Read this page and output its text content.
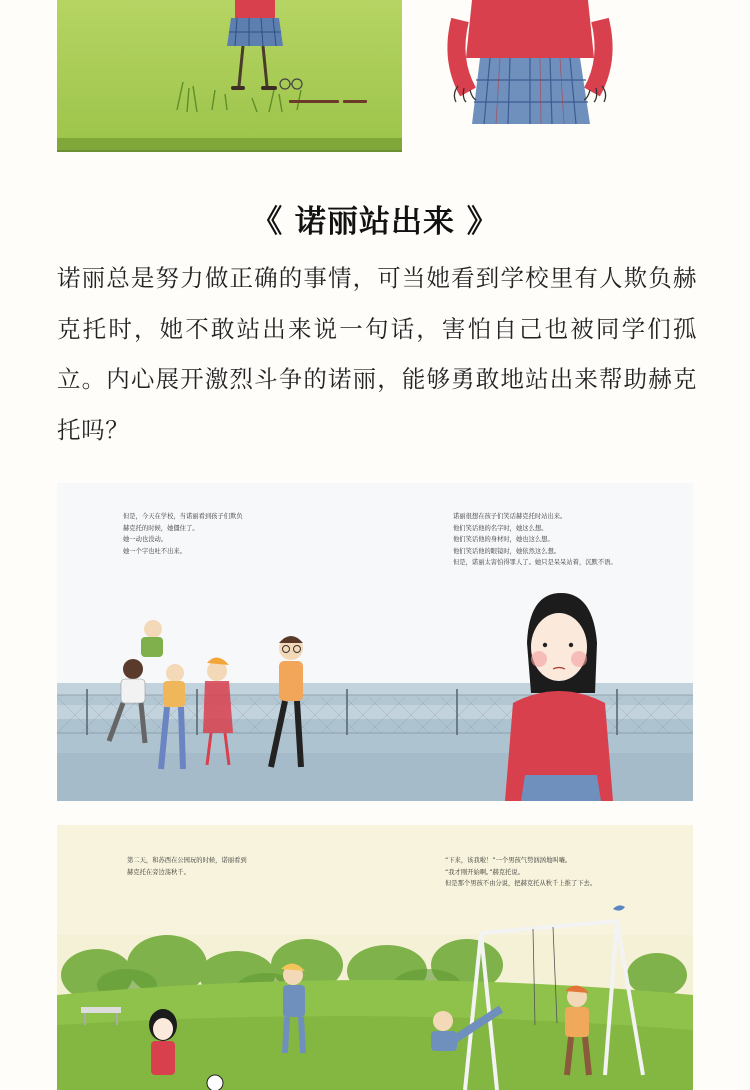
《 诺丽站出来 》
诺丽总是努力做正确的事情，可当她看到学校里有人欺负赫克托时，她不敢站出来说一句话，害怕自己也被同学们孤立。内心展开激烈斗争的诺丽，能够勇敢地站出来帮助赫克托吗？
但是，今天在学校，当诺丽看到孩子们欺负
赫克托的时候，她僵住了。
她一动也没动。
她一个字也吐不出来。
诺丽很想在孩子们笑话赫克托时站出来。
他们笑话他的名字时，她这么想。
他们笑话他的身材时，她也这么想。
他们笑话他的眼镜时，她依然这么想。
但是，诺丽太害怕得罪人了。她只是呆呆站着，沉默不语。
第二天，和苏西在公园玩的时候，诺丽看到
赫克托在旁边荡秋千。
“下来，该我啦！”一个男孩气势汹汹地叫嚷。
“我才刚开始啊。”赫克托说。
但是那个男孩不由分说，把赫克托从秋千上推了下去。
